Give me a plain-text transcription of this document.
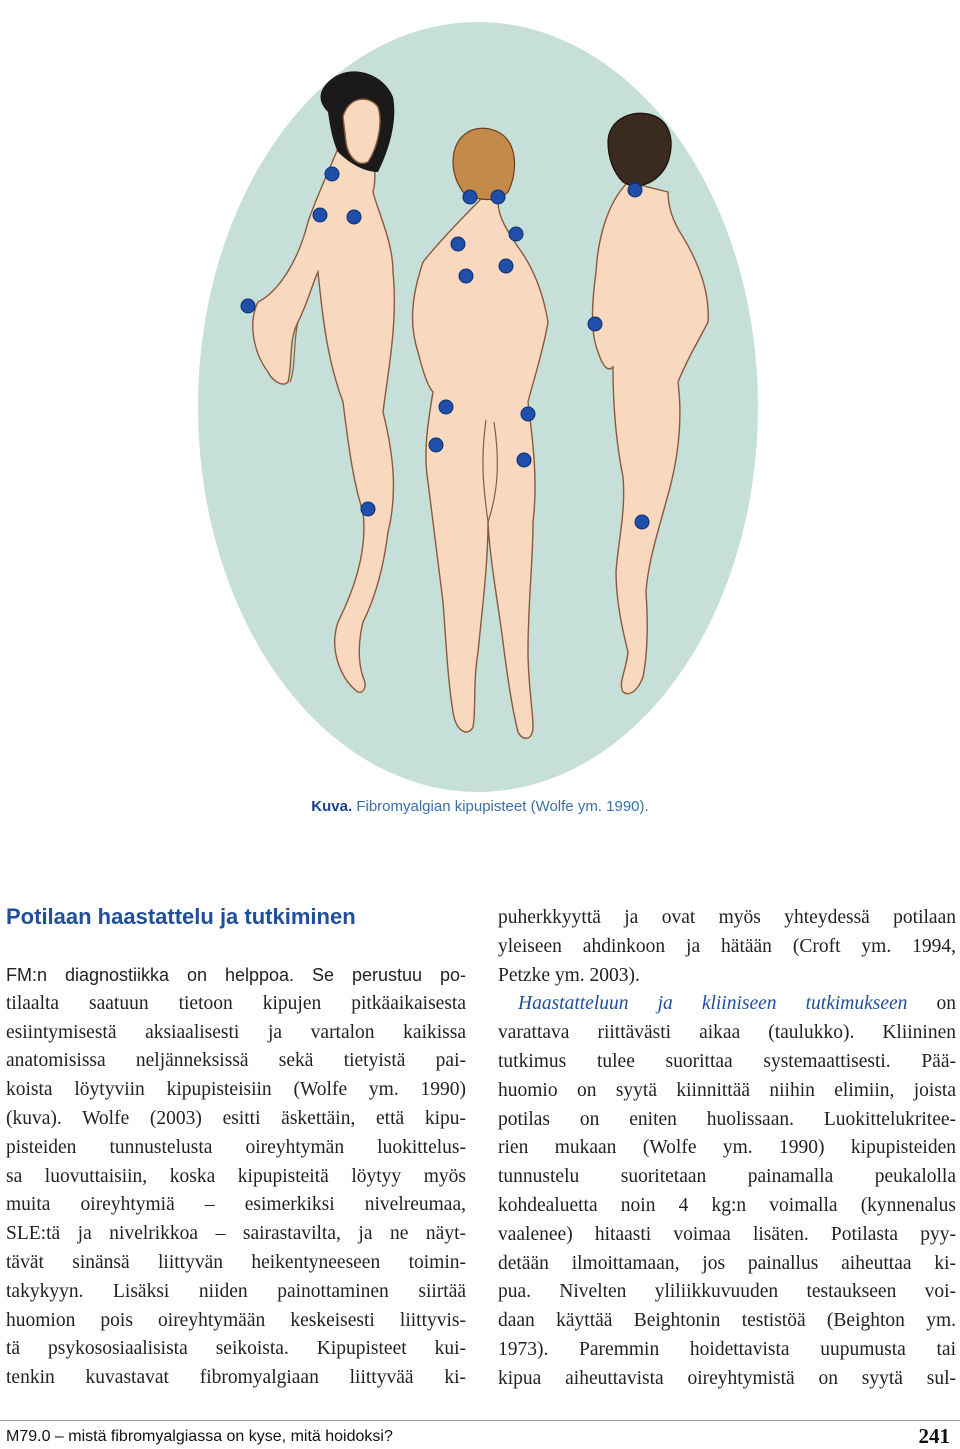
Kuva. Fibromyalgian kipupisteet (Wolfe ym. 1990).
Potilaan haastattelu ja tutkiminen
FM:n diagnostiikka on helppoa. Se perustuu po-
tilaalta saatuun tietoon kipujen pitkäaikaisesta
esiintymisestä aksiaalisesti ja vartalon kaikissa
anatomisissa neljänneksissä sekä tietyistä pai-
koista löytyviin kipupisteisiin (Wolfe ym. 1990)
(kuva). Wolfe (2003) esitti äskettäin, että kipu-
pisteiden tunnustelusta oireyhtymän luokittelus-
sa luovuttaisiin, koska kipupisteitä löytyy myös
muita oireyhtymiä – esimerkiksi nivelreumaa,
SLE:tä ja nivelrikkoa – sairastavilta, ja ne näyt-
tävät sinänsä liittyvän heikentyneeseen toimin-
takykyyn. Lisäksi niiden painottaminen siirtää
huomion pois oireyhtymään keskeisesti liittyvis-
tä psykososiaalisista seikoista. Kipupisteet kui-
tenkin kuvastavat fibromyalgiaan liittyvää ki-
puherkkyyttä ja ovat myös yhteydessä potilaan
yleiseen ahdinkoon ja hätään (Croft ym. 1994,
Petzke ym. 2003).
Haastatteluun ja kliiniseen tutkimukseen on
varattava riittävästi aikaa (taulukko). Kliininen
tutkimus tulee suorittaa systemaattisesti. Pää-
huomio on syytä kiinnittää niihin elimiin, joista
potilas on eniten huolissaan. Luokittelukritee-
rien mukaan (Wolfe ym. 1990) kipupisteiden
tunnustelu suoritetaan painamalla peukalolla
kohdealuetta noin 4 kg:n voimalla (kynnenalus
vaalenee) hitaasti voimaa lisäten. Potilasta pyy-
detään ilmoittamaan, jos painallus aiheuttaa ki-
pua. Nivelten yliliikkuvuuden testaukseen voi-
daan käyttää Beightonin testistöä (Beighton ym.
1973). Paremmin hoidettavista uupumusta tai
kipua aiheuttavista oireyhtymistä on syytä sul-
M79.0 – mistä fibromyalgiassa on kyse, mitä hoidoksi?	241
